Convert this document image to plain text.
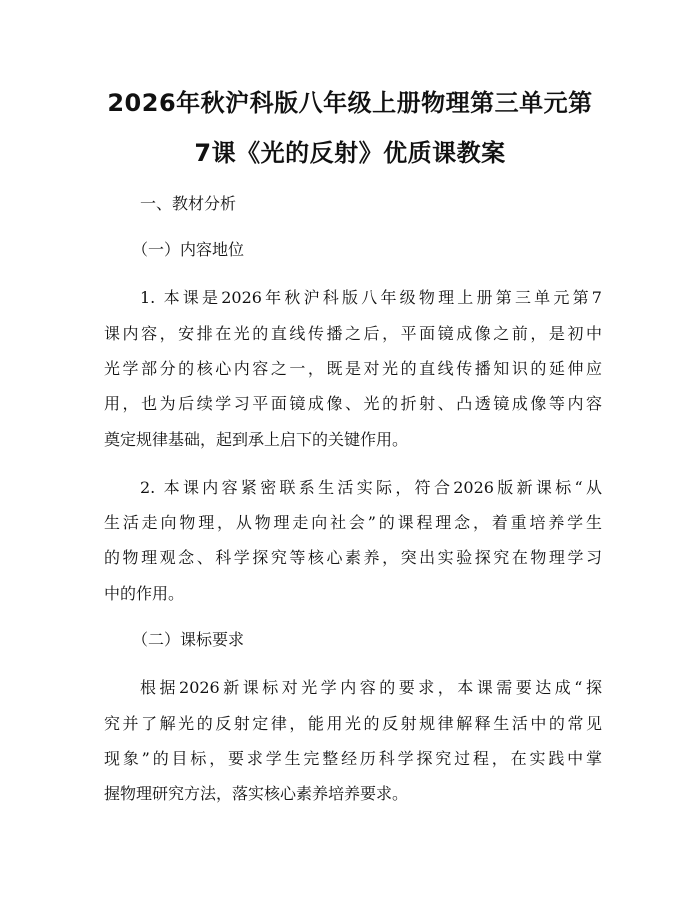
2026年秋沪科版八年级上册物理第三单元第
7课《光的反射》优质课教案
一、教材分析
（一）内容地位
1. 本课是2026年秋沪科版八年级物理上册第三单元第7
课内容，安排在光的直线传播之后，平面镜成像之前，是初中
光学部分的核心内容之一，既是对光的直线传播知识的延伸应
用，也为后续学习平面镜成像、光的折射、凸透镜成像等内容
奠定规律基础，起到承上启下的关键作用。
2. 本课内容紧密联系生活实际，符合2026版新课标“从
生活走向物理，从物理走向社会”的课程理念，着重培养学生
的物理观念、科学探究等核心素养，突出实验探究在物理学习
中的作用。
（二）课标要求
根据2026新课标对光学内容的要求，本课需要达成“探
究并了解光的反射定律，能用光的反射规律解释生活中的常见
现象”的目标，要求学生完整经历科学探究过程，在实践中掌
握物理研究方法，落实核心素养培养要求。
